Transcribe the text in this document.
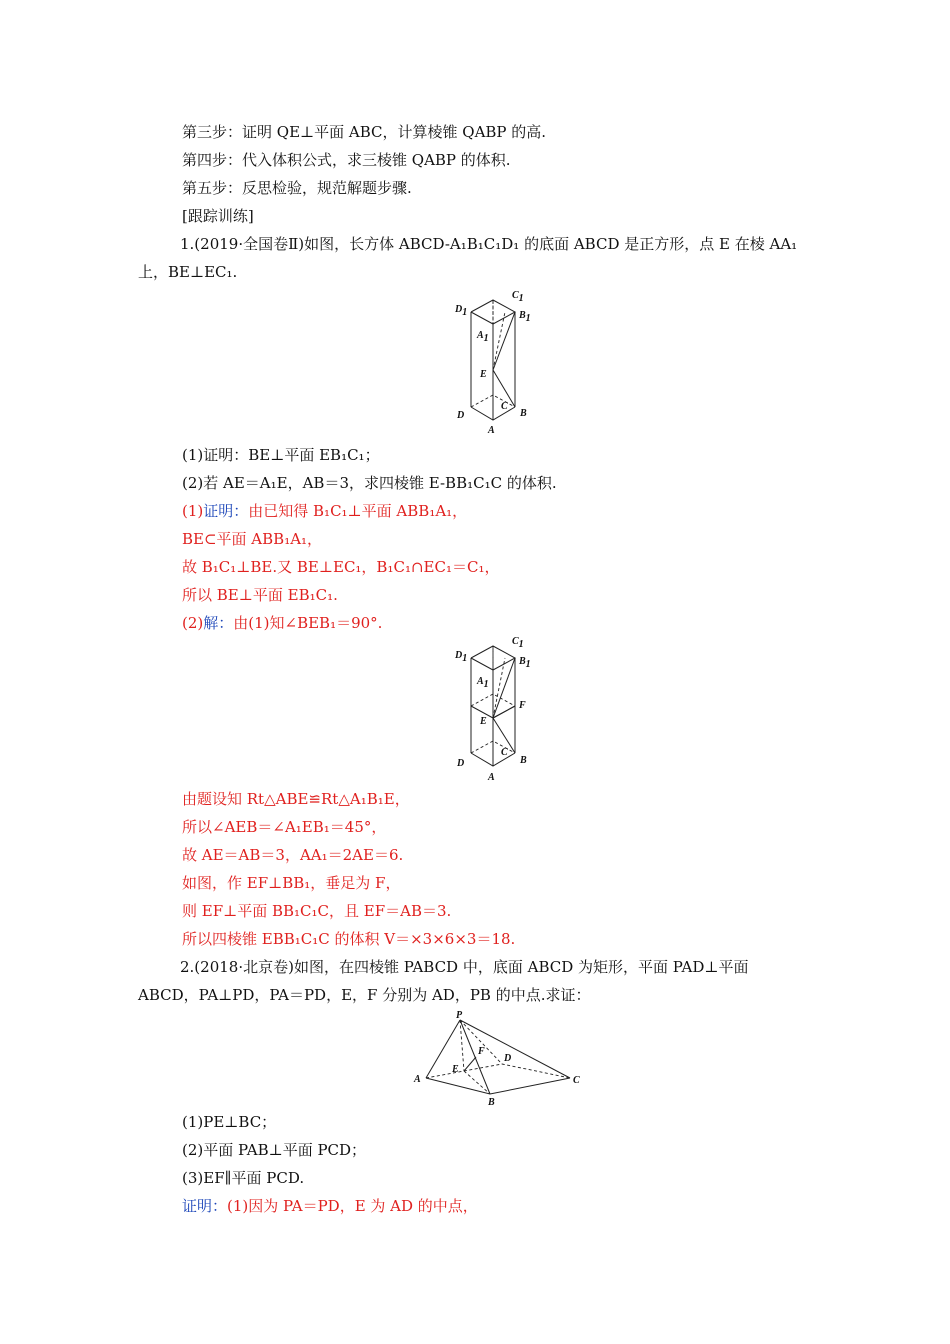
第三步：证明 QE⊥平面 ABC，计算棱锥 QABP 的高.
第四步：代入体积公式，求三棱锥 QABP 的体积.
第五步：反思检验，规范解题步骤.
[跟踪训练]
1.(2019·全国卷Ⅱ)如图，长方体 ABCD-A₁B₁C₁D₁ 的底面 ABCD 是正方形，点 E 在棱 AA₁
上，BE⊥EC₁.
D1
C1
B1
A1
E
D
C
B
A
(1)证明：BE⊥平面 EB₁C₁；
(2)若 AE＝A₁E，AB＝3，求四棱锥 E-BB₁C₁C 的体积.
(1)证明：由已知得 B₁C₁⊥平面 ABB₁A₁，
BE⊂平面 ABB₁A₁，
故 B₁C₁⊥BE.又 BE⊥EC₁，B₁C₁∩EC₁＝C₁，
所以 BE⊥平面 EB₁C₁.
(2)解：由(1)知∠BEB₁＝90°.
D1
C1
B1
A1
E
F
D
C
B
A
由题设知 Rt△ABE≌Rt△A₁B₁E，
所以∠AEB＝∠A₁EB₁＝45°，
故 AE＝AB＝3，AA₁＝2AE＝6.
如图，作 EF⊥BB₁，垂足为 F，
则 EF⊥平面 BB₁C₁C，且 EF＝AB＝3.
所以四棱锥 EBB₁C₁C 的体积 V＝×3×6×3＝18.
2.(2018·北京卷)如图，在四棱锥 PABCD 中，底面 ABCD 为矩形，平面 PAD⊥平面
ABCD，PA⊥PD，PA＝PD，E，F 分别为 AD，PB 的中点.求证：
P
F
D
E
A	C
B
(1)PE⊥BC；
(2)平面 PAB⊥平面 PCD；
(3)EF∥平面 PCD.
证明：(1)因为 PA＝PD，E 为 AD 的中点，
